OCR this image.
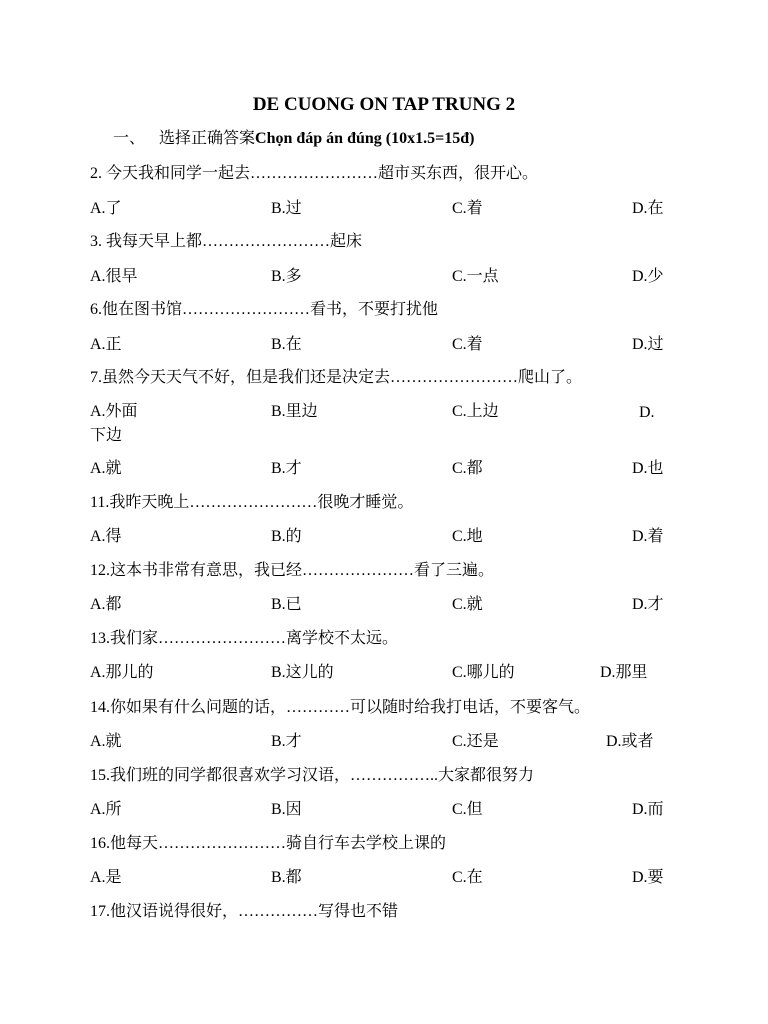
DE CUONG ON TAP TRUNG 2
一、 选择正确答案Chọn đáp án đúng (10x1.5=15đ)
2. 今天我和同学一起去……………………超市买东西，很开心。
A.了	B.过	C.着	D.在
3. 我每天早上都……………………起床
A.很早	B.多	C.一点	D.少
6.他在图书馆……………………看书，不要打扰他
A.正	B.在	C.着	D.过
7.虽然今天天气不好，但是我们还是决定去……………………爬山了。
A.外面	B.里边	C.上边	D.下边
A.就	B.才	C.都	D.也
11.我昨天晚上……………………很晚才睡觉。
A.得	B.的	C.地	D.着
12.这本书非常有意思，我已经…………………看了三遍。
A.都	B.已	C.就	D.才
13.我们家……………………离学校不太远。
A.那儿的	B.这儿的	C.哪儿的	D.那里
14.你如果有什么问题的话，…………可以随时给我打电话，不要客气。
A.就	B.才	C.还是	D.或者
15.我们班的同学都很喜欢学习汉语，……………..大家都很努力
A.所	B.因	C.但	D.而
16.他每天……………………骑自行车去学校上课的
A.是	B.都	C.在	D.要
17.他汉语说得很好，……………写得也不错
